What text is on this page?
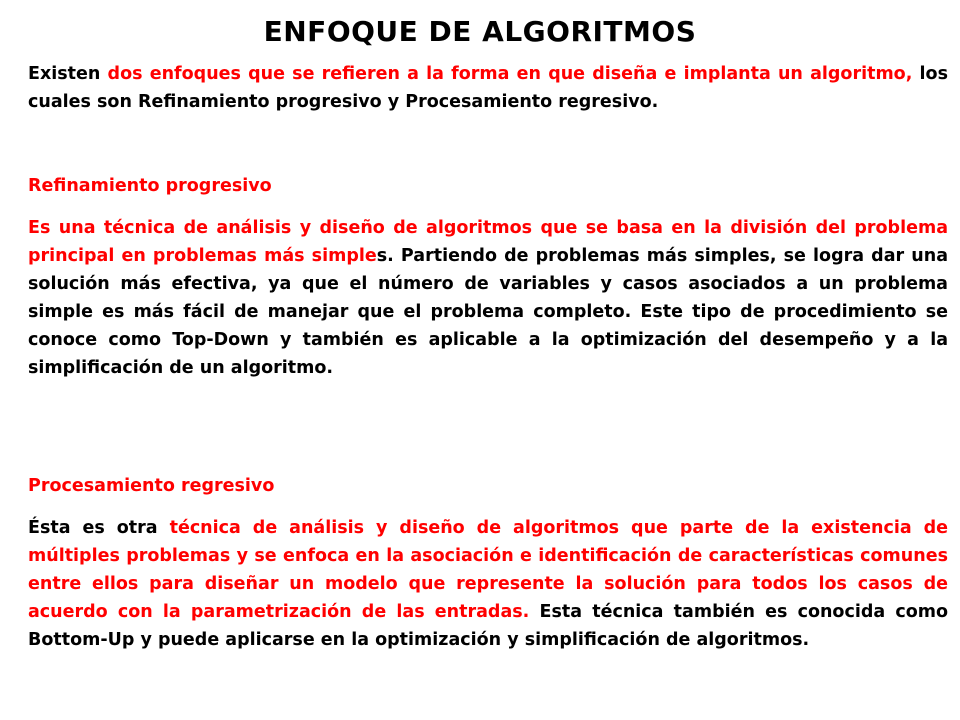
ENFOQUE DE ALGORITMOS

Existen dos enfoques que se refieren a la forma en que diseña e implanta un algoritmo, los cuales son Refinamiento progresivo y Procesamiento regresivo.

Refinamiento progresivo

Es una técnica de análisis y diseño de algoritmos que se basa en la división del problema principal en problemas más simples. Partiendo de problemas más simples, se logra dar una solución más efectiva, ya que el número de variables y casos asociados a un problema simple es más fácil de manejar que el problema completo. Este tipo de procedimiento se conoce como Top-Down y también es aplicable a la optimización del desempeño y a la simplificación de un algoritmo.

Procesamiento regresivo

Ésta es otra técnica de análisis y diseño de algoritmos que parte de la existencia de múltiples problemas y se enfoca en la asociación e identificación de características comunes entre ellos para diseñar un modelo que represente la solución para todos los casos de acuerdo con la parametrización de las entradas. Esta técnica también es conocida como Bottom-Up y puede aplicarse en la optimización y simplificación de algoritmos.
